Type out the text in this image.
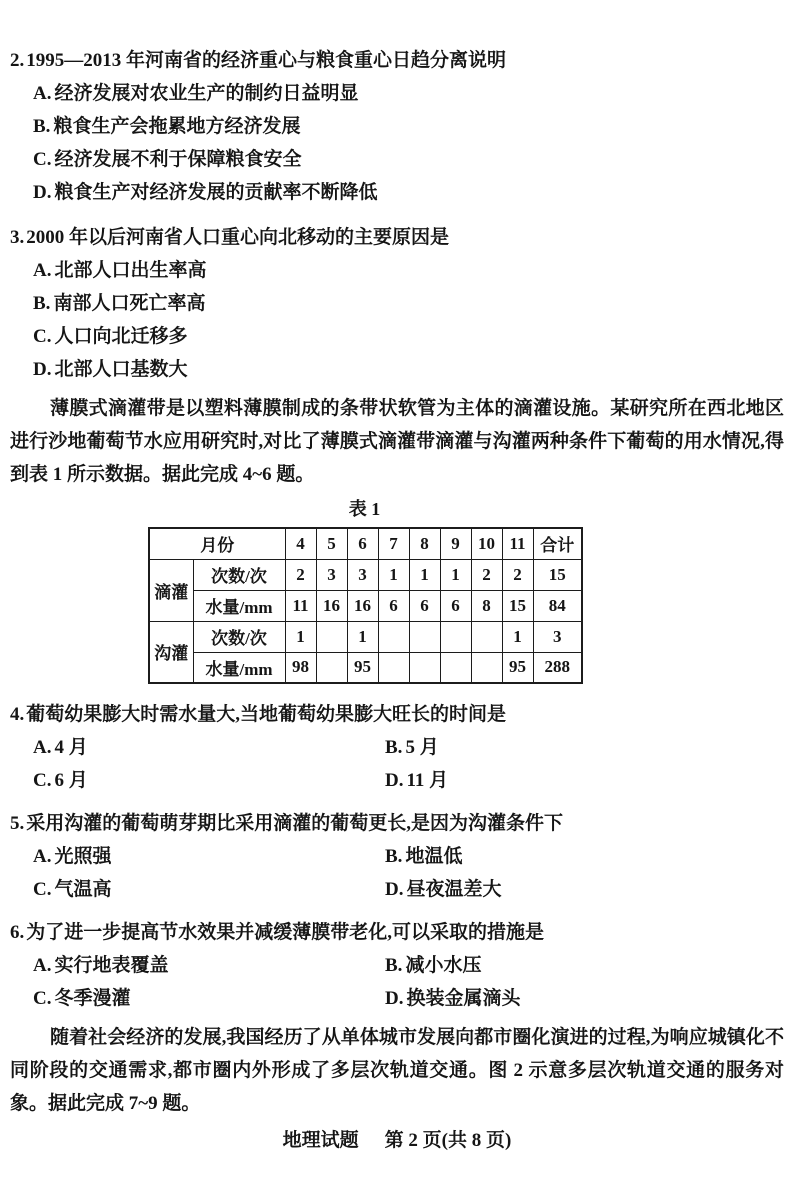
2. 1995—2013 年河南省的经济重心与粮食重心日趋分离说明
A. 经济发展对农业生产的制约日益明显
B. 粮食生产会拖累地方经济发展
C. 经济发展不利于保障粮食安全
D. 粮食生产对经济发展的贡献率不断降低
3. 2000 年以后河南省人口重心向北移动的主要原因是
A. 北部人口出生率高
B. 南部人口死亡率高
C. 人口向北迁移多
D. 北部人口基数大

薄膜式滴灌带是以塑料薄膜制成的条带状软管为主体的滴灌设施。某研究所在西北地区进行沙地葡萄节水应用研究时,对比了薄膜式滴灌带滴灌与沟灌两种条件下葡萄的用水情况,得到表 1 所示数据。据此完成 4~6 题。

表 1
月份		4	5	6	7	8	9	10	11	合计
滴灌	次数/次	2	3	3	1	1	1	2	2	15
	水量/mm	11	16	16	6	6	6	8	15	84
沟灌	次数/次	1		1					1	3
	水量/mm	98		95					95	288
4. 葡萄幼果膨大时需水量大,当地葡萄幼果膨大旺长的时间是
A. 4 月	B. 5 月
C. 6 月	D. 11 月
5. 采用沟灌的葡萄萌芽期比采用滴灌的葡萄更长,是因为沟灌条件下
A. 光照强	B. 地温低
C. 气温高	D. 昼夜温差大
6. 为了进一步提高节水效果并减缓薄膜带老化,可以采取的措施是
A. 实行地表覆盖	B. 减小水压
C. 冬季漫灌	D. 换装金属滴头

随着社会经济的发展,我国经历了从单体城市发展向都市圈化演进的过程,为响应城镇化不同阶段的交通需求,都市圈内外形成了多层次轨道交通。图 2 示意多层次轨道交通的服务对象。据此完成 7~9 题。

地理试题 第 2 页(共 8 页)
